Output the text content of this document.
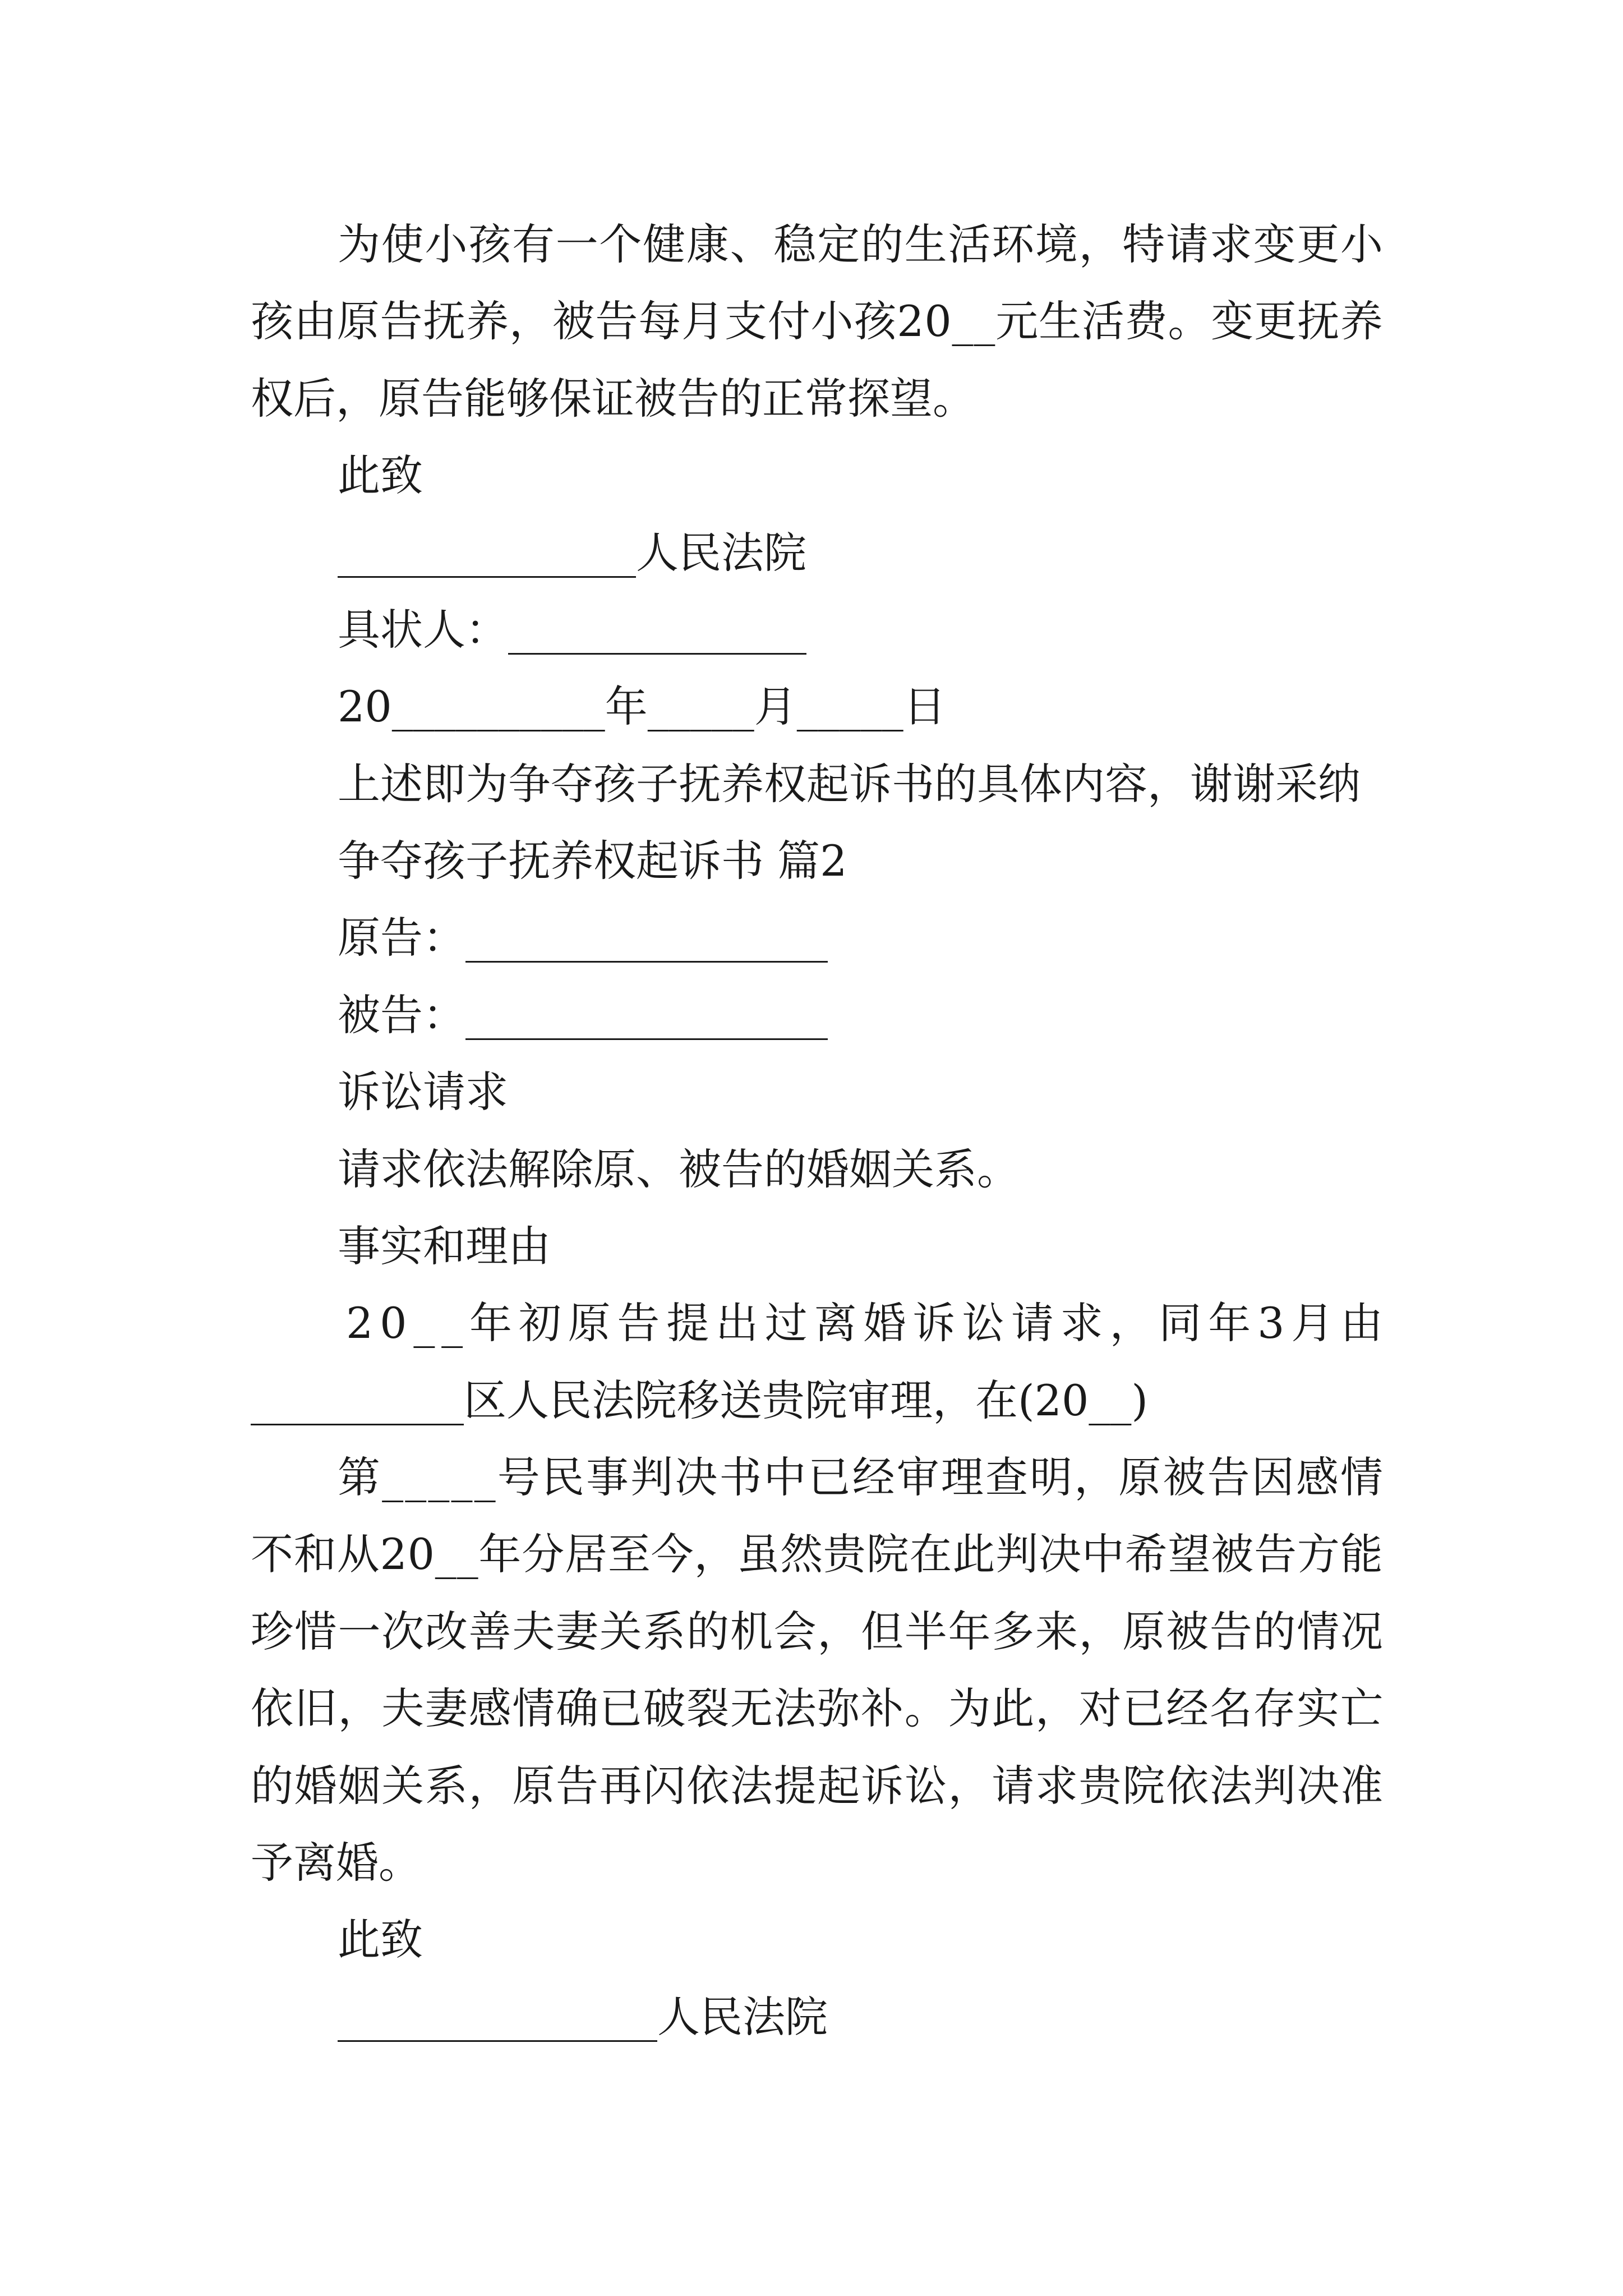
为使小孩有一个健康、稳定的生活环境，特请求变更小
孩由原告抚养，被告每月支付小孩20__元生活费。变更抚养
权后，原告能够保证被告的正常探望。
此致
______________人民法院
具状人：______________
20__________年_____月_____日
上述即为争夺孩子抚养权起诉书的具体内容，谢谢采纳
争夺孩子抚养权起诉书 篇2
原告：_________________
被告：_________________
诉讼请求
请求依法解除原、被告的婚姻关系。
事实和理由
20__年初原告提出过离婚诉讼请求，同年3月由
__________区人民法院移送贵院审理，在(20__)
第_____号民事判决书中已经审理查明，原被告因感情
不和从20__年分居至今，虽然贵院在此判决中希望被告方能
珍惜一次改善夫妻关系的机会，但半年多来，原被告的情况
依旧，夫妻感情确已破裂无法弥补。为此，对已经名存实亡
的婚姻关系，原告再闪依法提起诉讼，请求贵院依法判决准
予离婚。
此致
_______________人民法院
